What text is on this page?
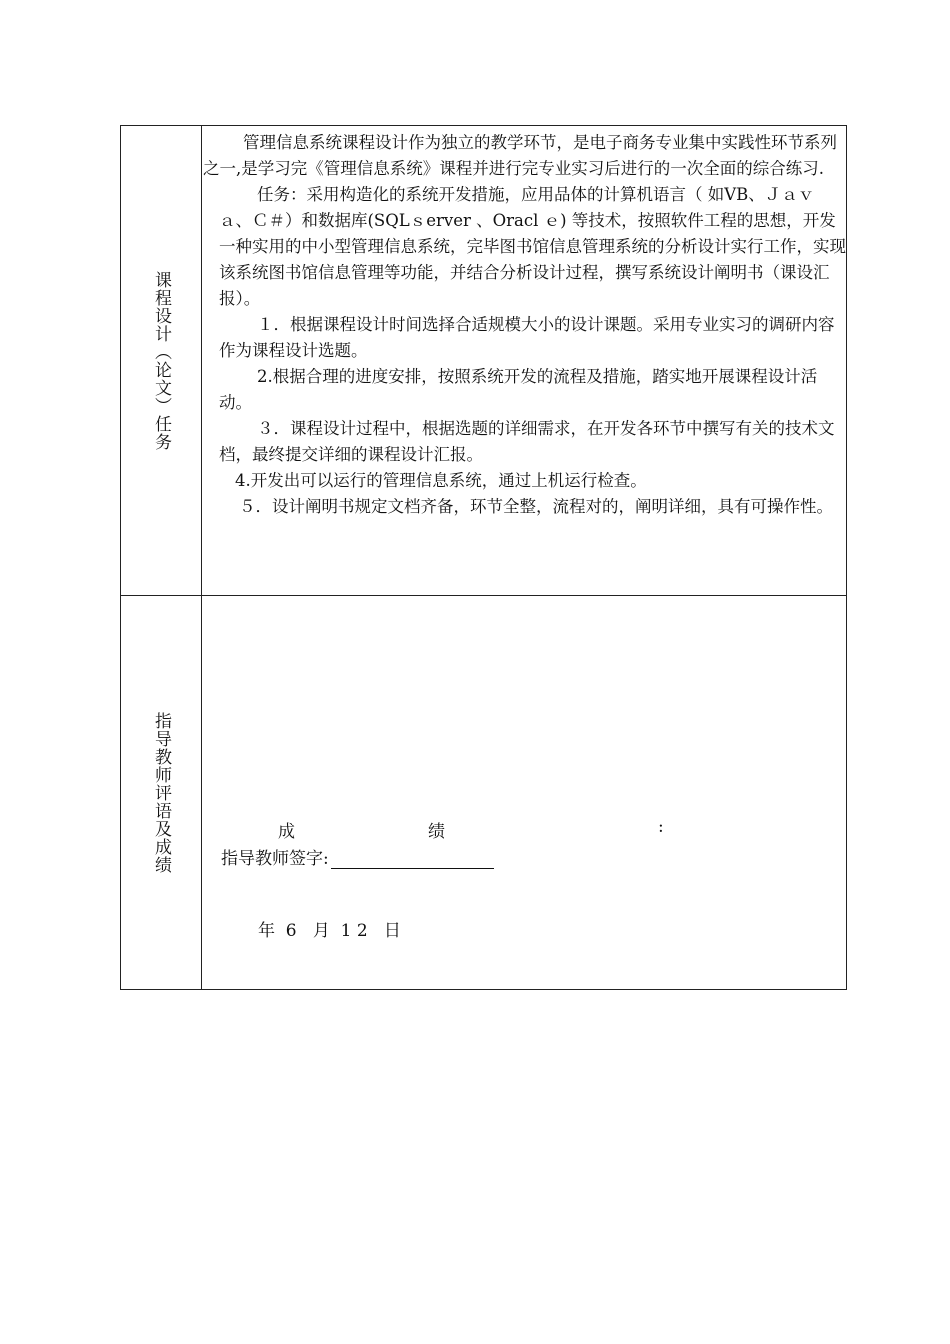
课程设计（论文）任务

管理信息系统课程设计作为独立的教学环节，是电子商务专业集中实践性环节系列之一,是学习完《管理信息系统》课程并进行完专业实习后进行的一次全面的综合练习.

任务：采用构造化的系统开发措施，应用品体的计算机语言（ 如VB、Ｊａｖａ、Ｃ＃）和数据库(SQLｓerver 、Oracl ｅ) 等技术，按照软件工程的思想，开发一种实用的中小型管理信息系统，完毕图书馆信息管理系统的分析设计实行工作，实现该系统图书馆信息管理等功能，并结合分析设计过程，撰写系统设计阐明书（课设汇报）。

１．根据课程设计时间选择合适规模大小的设计课题。采用专业实习的调研内容作为课程设计选题。

2.根据合理的进度安排，按照系统开发的流程及措施，踏实地开展课程设计活动。

３．课程设计过程中，根据选题的详细需求，在开发各环节中撰写有关的技术文档，最终提交详细的课程设计汇报。

4.开发出可以运行的管理信息系统，通过上机运行检查。

５．设计阐明书规定文档齐备，环节全整，流程对的，阐明详细，具有可操作性。

指导教师评语及成绩	成	绩	:
指导教师签字:
年  6   月  1 2   日
